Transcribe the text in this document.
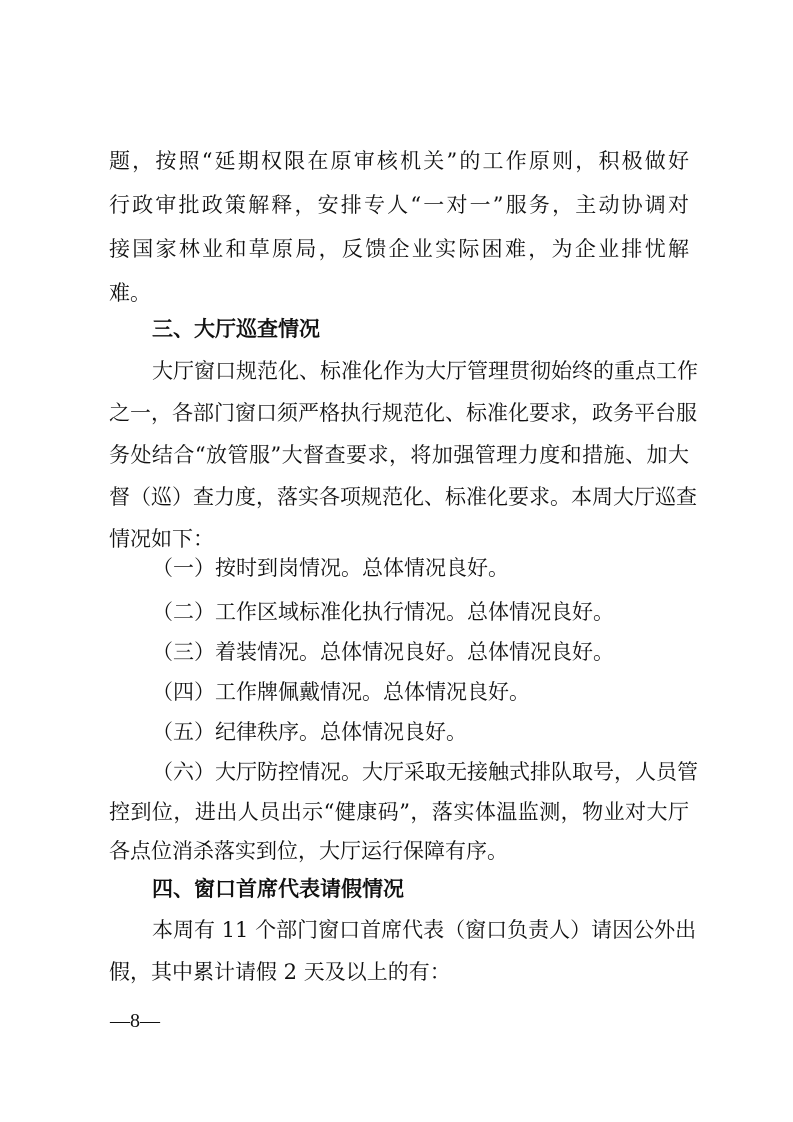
题，按照“延期权限在原审核机关”的工作原则，积极做好
行政审批政策解释，安排专人“一对一”服务，主动协调对
接国家林业和草原局，反馈企业实际困难，为企业排忧解
难。
三、大厅巡查情况
大厅窗口规范化、标准化作为大厅管理贯彻始终的重点工作
之一，各部门窗口须严格执行规范化、标准化要求，政务平台服
务处结合“放管服”大督查要求，将加强管理力度和措施、加大
督（巡）查力度，落实各项规范化、标准化要求。本周大厅巡查
情况如下：
（一）按时到岗情况。总体情况良好。
（二）工作区域标准化执行情况。总体情况良好。
（三）着装情况。总体情况良好。总体情况良好。
（四）工作牌佩戴情况。总体情况良好。
（五）纪律秩序。总体情况良好。
（六）大厅防控情况。大厅采取无接触式排队取号，人员管
控到位，进出人员出示“健康码”，落实体温监测，物业对大厅
各点位消杀落实到位，大厅运行保障有序。
四、窗口首席代表请假情况
本周有 11 个部门窗口首席代表（窗口负责人）请因公外出
假，其中累计请假 2 天及以上的有：
—8—
